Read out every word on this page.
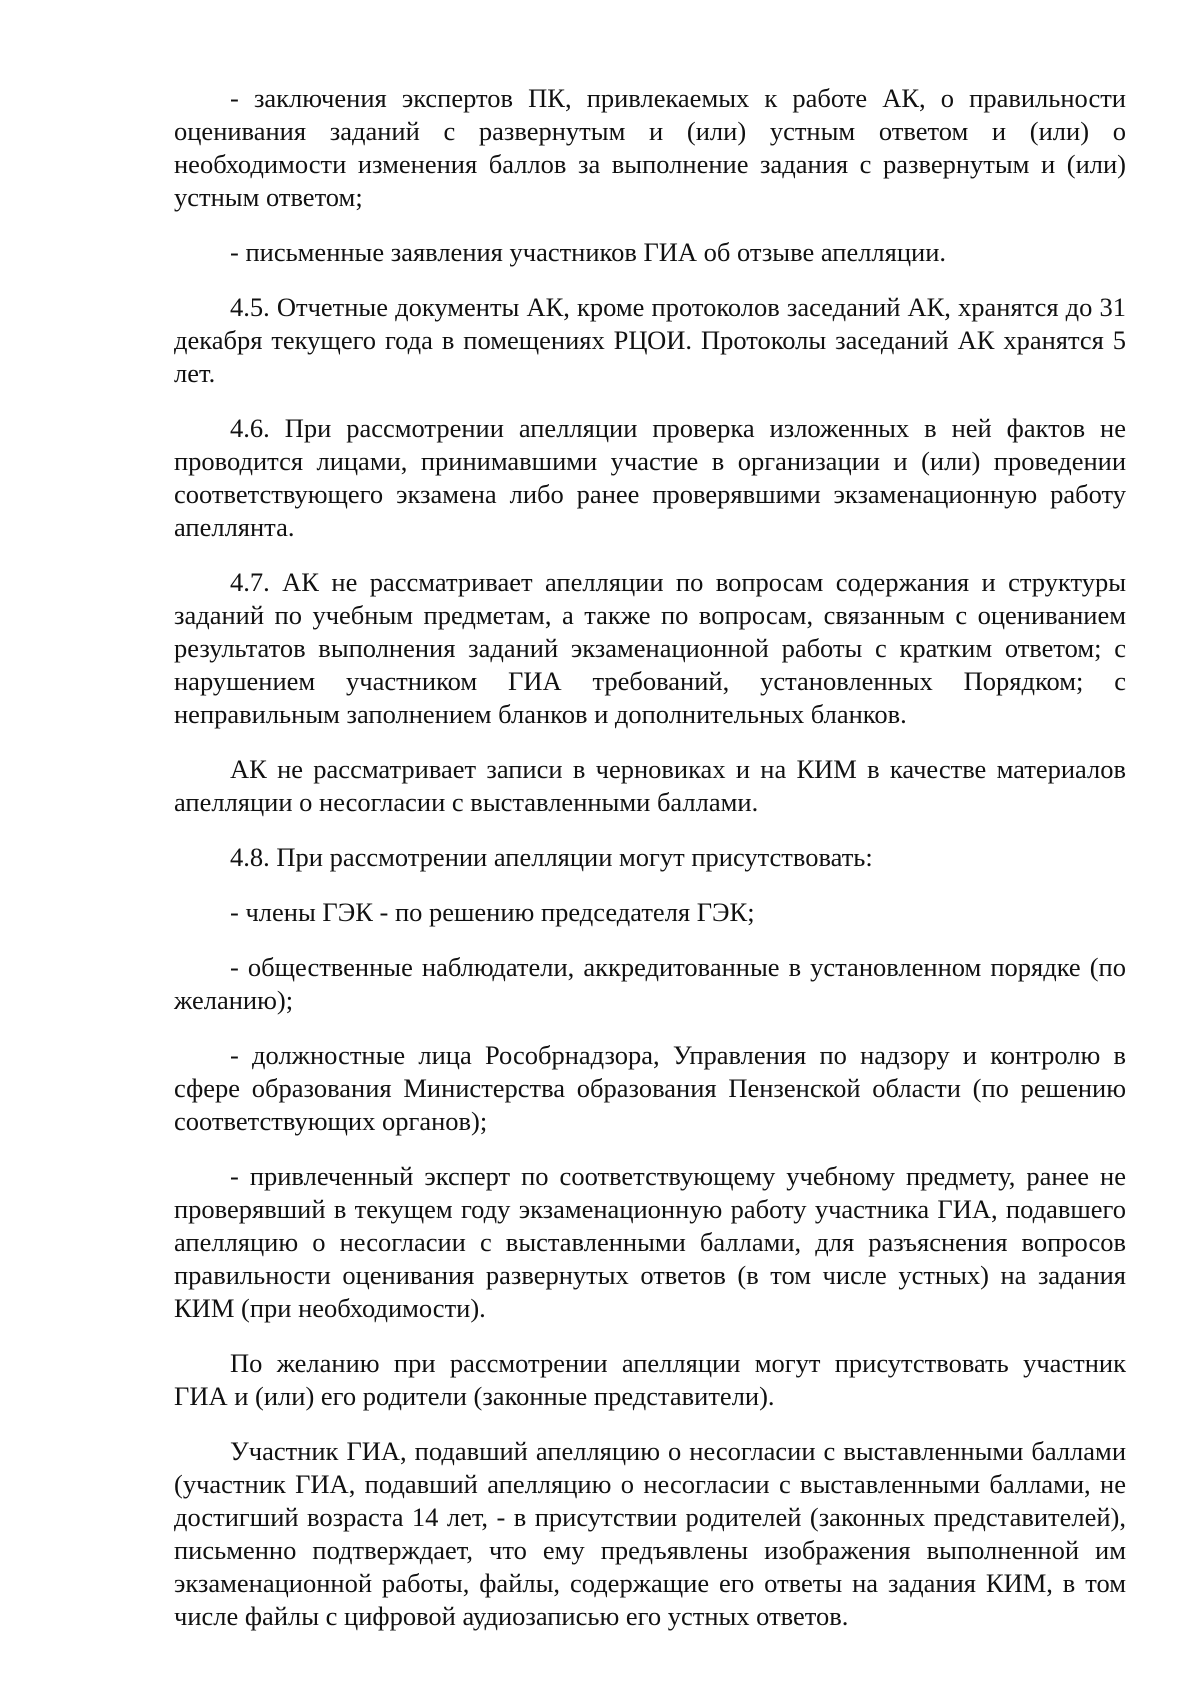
- заключения экспертов ПК, привлекаемых к работе АК, о правильности оценивания заданий с развернутым и (или) устным ответом и (или) о необходимости изменения баллов за выполнение задания с развернутым и (или) устным ответом;

- письменные заявления участников ГИА об отзыве апелляции.

4.5. Отчетные документы АК, кроме протоколов заседаний АК, хранятся до 31 декабря текущего года в помещениях РЦОИ. Протоколы заседаний АК хранятся 5 лет.

4.6. При рассмотрении апелляции проверка изложенных в ней фактов не проводится лицами, принимавшими участие в организации и (или) проведении соответствующего экзамена либо ранее проверявшими экзаменационную работу апеллянта.

4.7. АК не рассматривает апелляции по вопросам содержания и структуры заданий по учебным предметам, а также по вопросам, связанным с оцениванием результатов выполнения заданий экзаменационной работы с кратким ответом; с нарушением участником ГИА требований, установленных Порядком; с неправильным заполнением бланков и дополнительных бланков.

АК не рассматривает записи в черновиках и на КИМ в качестве материалов апелляции о несогласии с выставленными баллами.

4.8. При рассмотрении апелляции могут присутствовать:

- члены ГЭК - по решению председателя ГЭК;

- общественные наблюдатели, аккредитованные в установленном порядке (по желанию);

- должностные лица Рособрнадзора, Управления по надзору и контролю в сфере образования Министерства образования Пензенской области (по решению соответствующих органов);

- привлеченный эксперт по соответствующему учебному предмету, ранее не проверявший в текущем году экзаменационную работу участника ГИА, подавшего апелляцию о несогласии с выставленными баллами, для разъяснения вопросов правильности оценивания развернутых ответов (в том числе устных) на задания КИМ (при необходимости).

По желанию при рассмотрении апелляции могут присутствовать участник ГИА и (или) его родители (законные представители).

Участник ГИА, подавший апелляцию о несогласии с выставленными баллами (участник ГИА, подавший апелляцию о несогласии с выставленными баллами, не достигший возраста 14 лет, - в присутствии родителей (законных представителей), письменно подтверждает, что ему предъявлены изображения выполненной им экзаменационной работы, файлы, содержащие его ответы на задания КИМ, в том числе файлы с цифровой аудиозаписью его устных ответов.
